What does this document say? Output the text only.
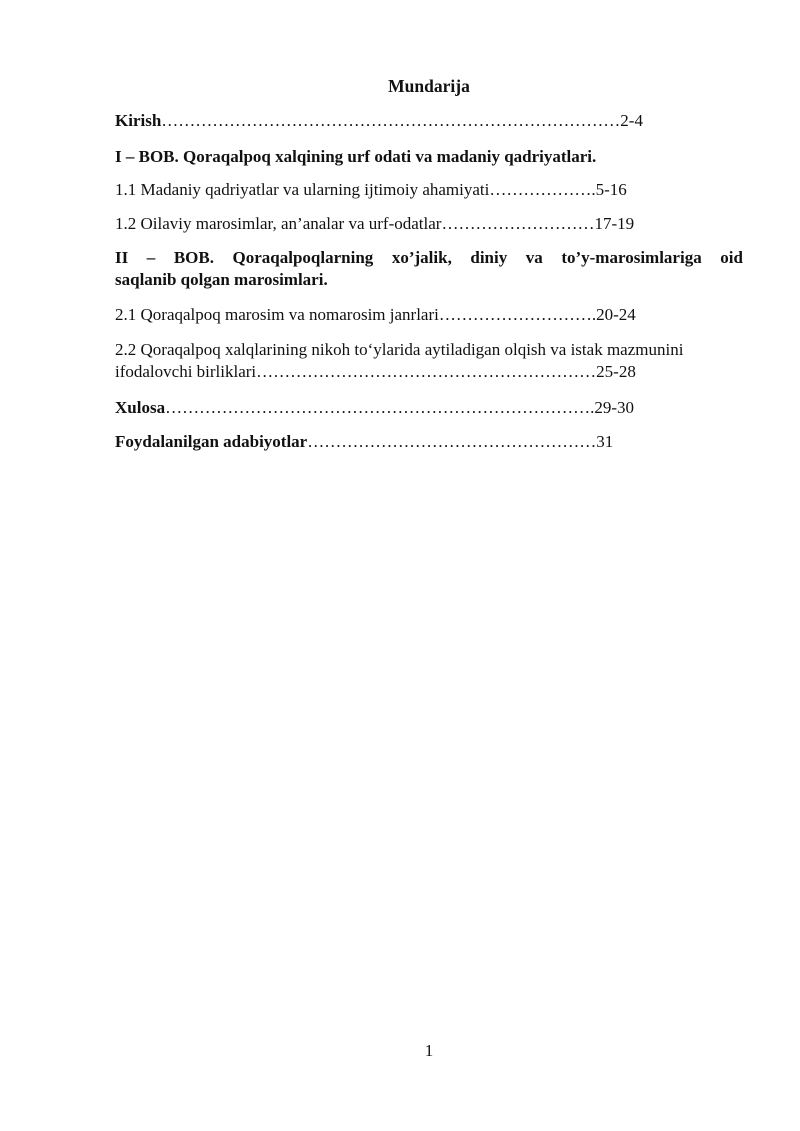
Mundarija
Kirish………………………………………………………………………2-4
I – BOB. Qoraqalpoq xalqining urf odati va madaniy qadriyatlari.
1.1 Madaniy qadriyatlar va ularning ijtimoiy ahamiyati……………….5-16
1.2 Oilaviy marosimlar, an’analar va urf-odatlar………………………17-19
II – BOB. Qoraqalpoqlarning xo’jalik, diniy va to’y-marosimlariga oid
saqlanib qolgan marosimlari.
2.1 Qoraqalpoq marosim va nomarosim janrlari……………………….20-24
2.2 Qoraqalpoq xalqlarining nikoh to‘ylarida aytiladigan olqish va istak mazmunini
ifodalovchi birliklari……………………………………………………25-28
Xulosa………………………………………………………………….29-30
Foydalanilgan adabiyotlar……………………………………………31
1
